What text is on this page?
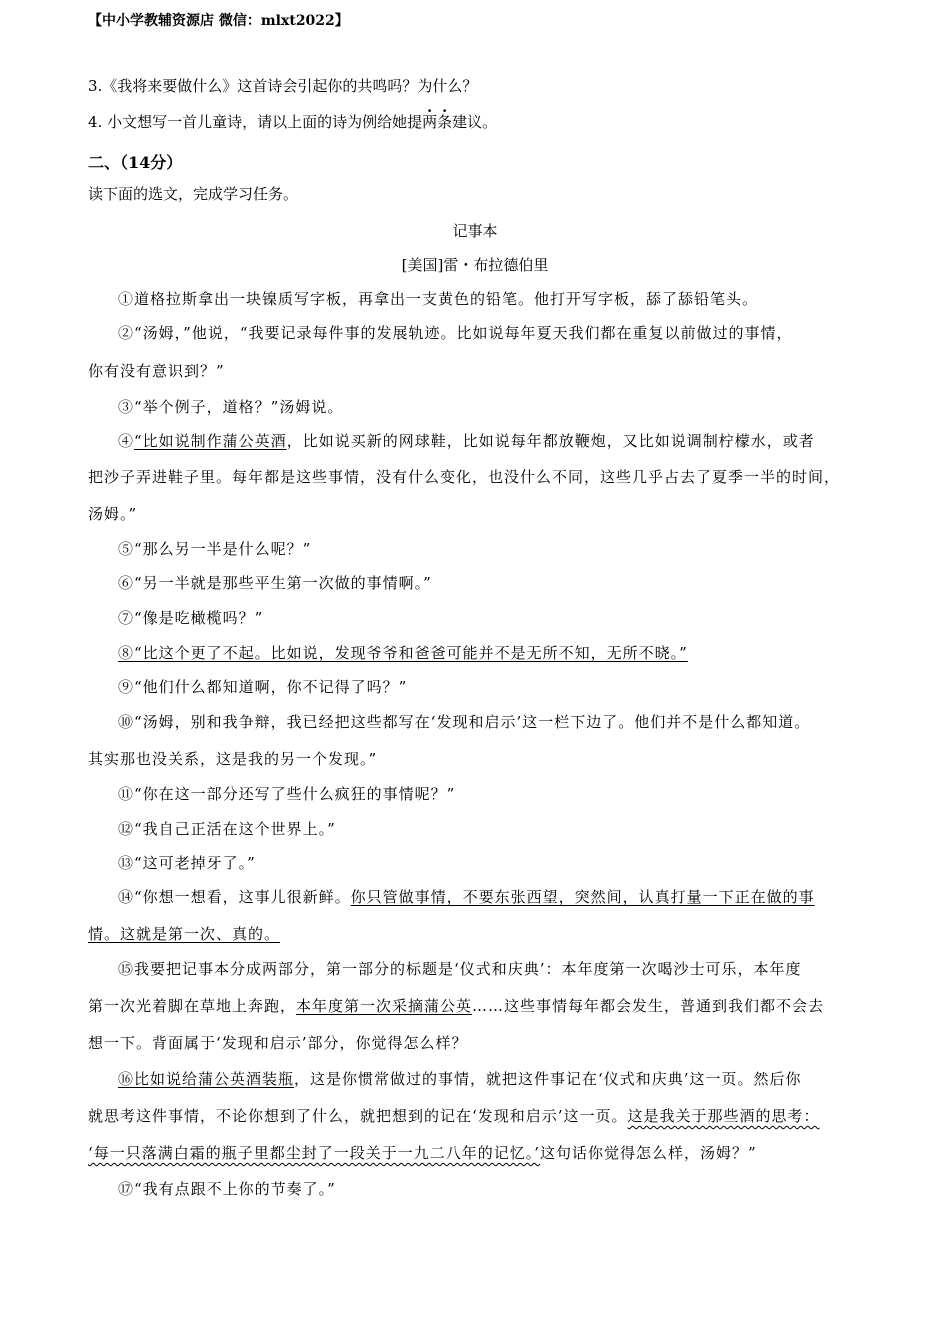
【中小学教辅资源店 微信：mlxt2022】
3.《我将来要做什么》这首诗会引起你的共鸣吗？为什么？
4. 小文想写一首儿童诗，请以上面的诗为例给她提两条建议。
二、（14分）
读下面的选文，完成学习任务。
记事本
[美国]雷・布拉德伯里
①道格拉斯拿出一块镍质写字板，再拿出一支黄色的铅笔。他打开写字板，舔了舔铅笔头。
②“汤姆，”他说，“我要记录每件事的发展轨迹。比如说每年夏天我们都在重复以前做过的事情，
你有没有意识到？”
③“举个例子，道格？”汤姆说。
④“比如说制作蒲公英酒，比如说买新的网球鞋，比如说每年都放鞭炮，又比如说调制柠檬水，或者
把沙子弄进鞋子里。每年都是这些事情，没有什么变化，也没什么不同，这些几乎占去了夏季一半的时间，
汤姆。”
⑤“那么另一半是什么呢？”
⑥“另一半就是那些平生第一次做的事情啊。”
⑦“像是吃橄榄吗？”
⑧“比这个更了不起。比如说，发现爷爷和爸爸可能并不是无所不知，无所不晓。”
⑨“他们什么都知道啊，你不记得了吗？”
⑩“汤姆，别和我争辩，我已经把这些都写在‘发现和启示’这一栏下边了。他们并不是什么都知道。
其实那也没关系，这是我的另一个发现。”
⑪“你在这一部分还写了些什么疯狂的事情呢？”
⑫“我自己正活在这个世界上。”
⑬“这可老掉牙了。”
⑭“你想一想看，这事儿很新鲜。你只管做事情，不要东张西望，突然间，认真打量一下正在做的事
情。这就是第一次、真的。
⑮我要把记事本分成两部分，第一部分的标题是‘仪式和庆典’：本年度第一次喝沙士可乐，本年度
第一次光着脚在草地上奔跑，本年度第一次采摘蒲公英……这些事情每年都会发生，普通到我们都不会去
想一下。背面属于‘发现和启示’部分，你觉得怎么样？
⑯比如说给蒲公英酒装瓶，这是你惯常做过的事情，就把这件事记在‘仪式和庆典’这一页。然后你
就思考这件事情，不论你想到了什么，就把想到的记在‘发现和启示’这一页。这是我关于那些酒的思考：
‘每一只落满白霜的瓶子里都尘封了一段关于一九二八年的记忆。’这句话你觉得怎么样，汤姆？”
⑰“我有点跟不上你的节奏了。”
